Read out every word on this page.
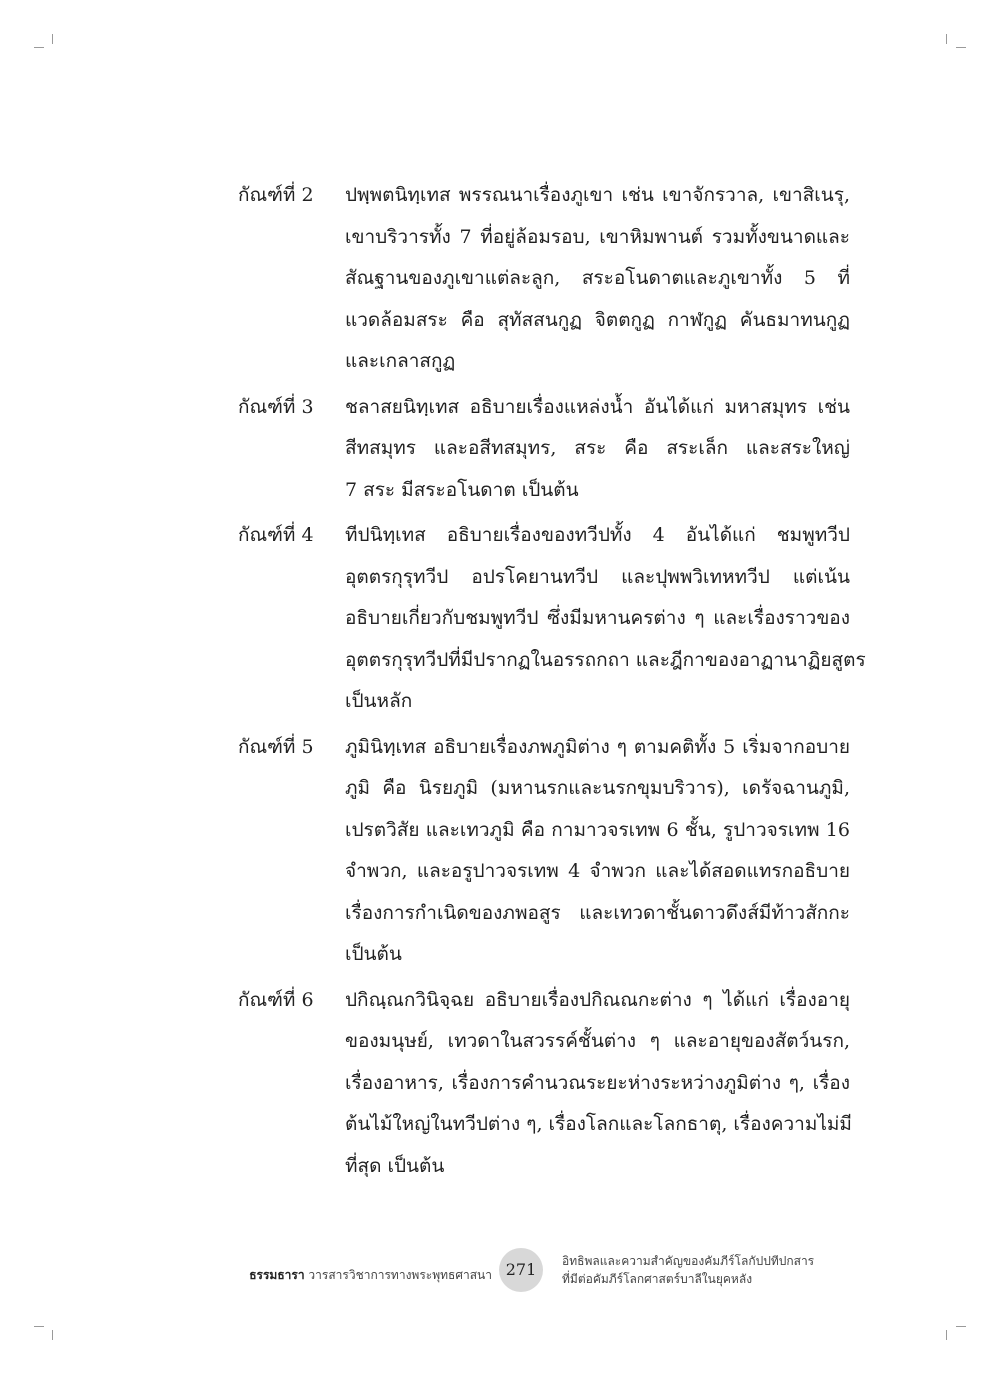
กัณฑ์ที่ 2 ปพฺพตนิทฺเทส พรรณนาเรื่องภูเขา เช่น เขาจักรวาล, เขาสิเนรุ,
เขาบริวารทั้ง 7 ที่อยู่ล้อมรอบ, เขาหิมพานต์ รวมทั้งขนาดและ
สัณฐานของภูเขาแต่ละลูก, สระอโนดาตและภูเขาทั้ง 5 ที่
แวดล้อมสระ คือ สุทัสสนกูฏ จิตตกูฏ กาฬกูฏ คันธมาทนกูฏ
และเกลาสกูฏ
กัณฑ์ที่ 3 ชลาสยนิทฺเทส อธิบายเรื่องแหล่งน้ำ อันได้แก่ มหาสมุทร เช่น
สีทสมุทร และอสีทสมุทร, สระ คือ สระเล็ก และสระใหญ่
7 สระ มีสระอโนดาต เป็นต้น
กัณฑ์ที่ 4 ทีปนิทฺเทส อธิบายเรื่องของทวีปทั้ง 4 อันได้แก่ ชมพูทวีป
อุตตรกุรุทวีป อปรโคยานทวีป และปุพพวิเทหทวีป แต่เน้น
อธิบายเกี่ยวกับชมพูทวีป ซึ่งมีมหานครต่าง ๆ และเรื่องราวของ
อุตตรกุรุทวีปที่มีปรากฏในอรรถกถา และฎีกาของอาฏานาฏิยสูตร
เป็นหลัก
กัณฑ์ที่ 5 ภูมินิทฺเทส อธิบายเรื่องภพภูมิต่าง ๆ ตามคติทั้ง 5 เริ่มจากอบาย
ภูมิ คือ นิรยภูมิ (มหานรกและนรกขุมบริวาร), เดรัจฉานภูมิ,
เปรตวิสัย และเทวภูมิ คือ กามาวจรเทพ 6 ชั้น, รูปาวจรเทพ 16
จำพวก, และอรูปาวจรเทพ 4 จำพวก และได้สอดแทรกอธิบาย
เรื่องการกำเนิดของภพอสูร และเทวดาชั้นดาวดึงส์มีท้าวสักกะ
เป็นต้น
กัณฑ์ที่ 6 ปกิณฺณกวินิจฺฉย อธิบายเรื่องปกิณณกะต่าง ๆ ได้แก่ เรื่องอายุ
ของมนุษย์, เทวดาในสวรรค์ชั้นต่าง ๆ และอายุของสัตว์นรก,
เรื่องอาหาร, เรื่องการคำนวณระยะห่างระหว่างภูมิต่าง ๆ, เรื่อง
ต้นไม้ใหญ่ในทวีปต่าง ๆ, เรื่องโลกและโลกธาตุ, เรื่องความไม่มี
ที่สุด เป็นต้น
ธรรมธารา วารสารวิชาการทางพระพุทธศาสนา 271	อิทธิพลและความสำคัญของคัมภีร์โลกัปปทีปกสาร
ที่มีต่อคัมภีร์โลกศาสตร์บาลีในยุคหลัง
